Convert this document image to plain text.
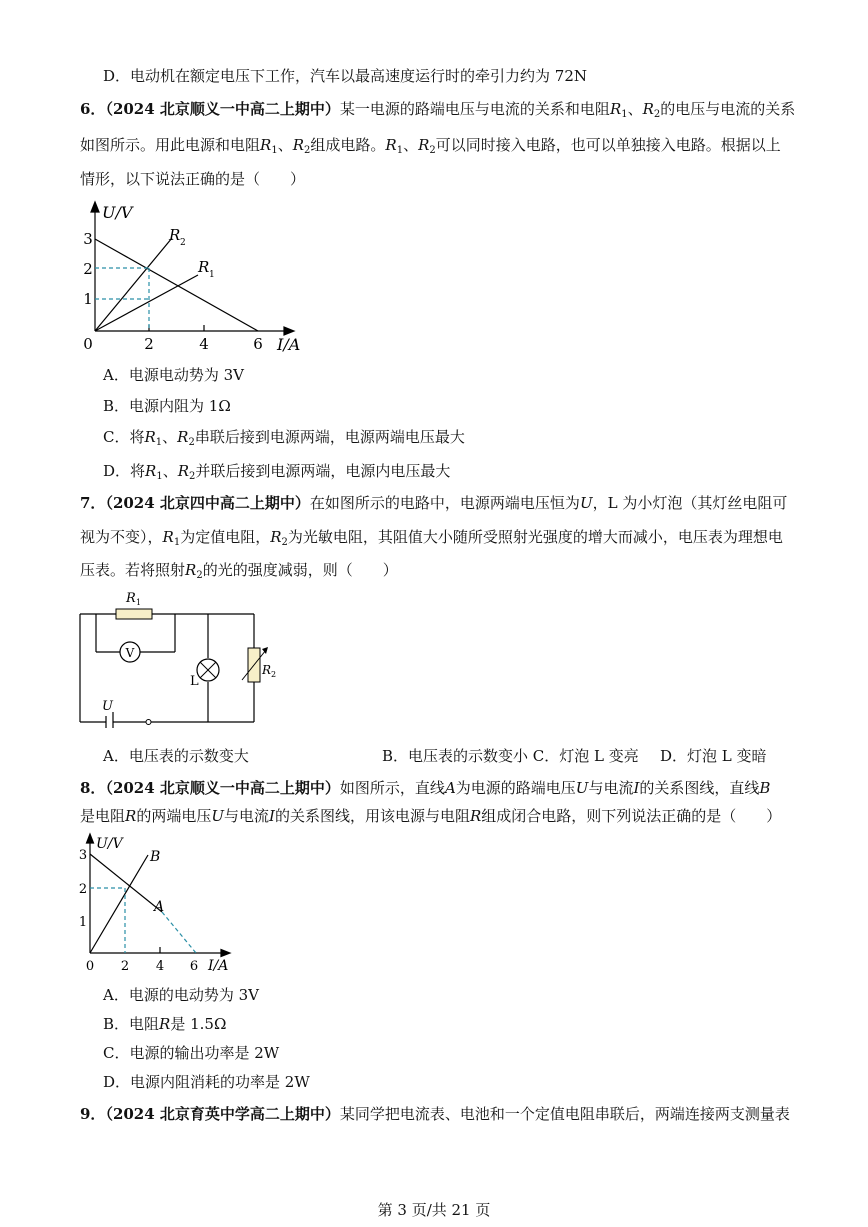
D．电动机在额定电压下工作，汽车以最高速度运行时的牵引力约为 72N
6．（2024 北京顺义一中高二上期中）某一电源的路端电压与电流的关系和电阻$R_1$、$R_2$的电压与电流的关系
如图所示。用此电源和电阻$R_1$、$R_2$组成电路。$R_1$、$R_2$可以同时接入电路，也可以单独接入电路。根据以上
情形，以下说法正确的是（　　）
U/V
I/A
0
3
2
1
2	4	6
R 2
R 1
A．电源电动势为 3V
B．电源内阻为 1Ω
C．将$R_1$、$R_2$串联后接到电源两端，电源两端电压最大
D．将$R_1$、$R_2$并联后接到电源两端，电源内电压最大
7．（2024 北京四中高二上期中）在如图所示的电路中，电源两端电压恒为U，L 为小灯泡（其灯丝电阻可
视为不变），$R_1$为定值电阻，$R_2$为光敏电阻，其阻值大小随所受照射光强度的增大而减小，电压表为理想电
压表。若将照射$R_2$的光的强度减弱，则（　　）
R 1
V
L
R 2
U
A．电压表的示数变大	B．电压表的示数变小 C．灯泡 L 变亮 D．灯泡 L 变暗
8．（2024 北京顺义一中高二上期中）如图所示，直线A为电源的路端电压U与电流I的关系图线，直线B
是电阻R的两端电压U与电流I的关系图线，用该电源与电阻R组成闭合电路，则下列说法正确的是（　　）
U/V
I/A
0
3
2
1
2 4 6
B
A
A．电源的电动势为 3V
B．电阻R是 1.5Ω
C．电源的输出功率是 2W
D．电源内阻消耗的功率是 2W
9．（2024 北京育英中学高二上期中）某同学把电流表、电池和一个定值电阻串联后，两端连接两支测量表
第 3 页/共 21 页
